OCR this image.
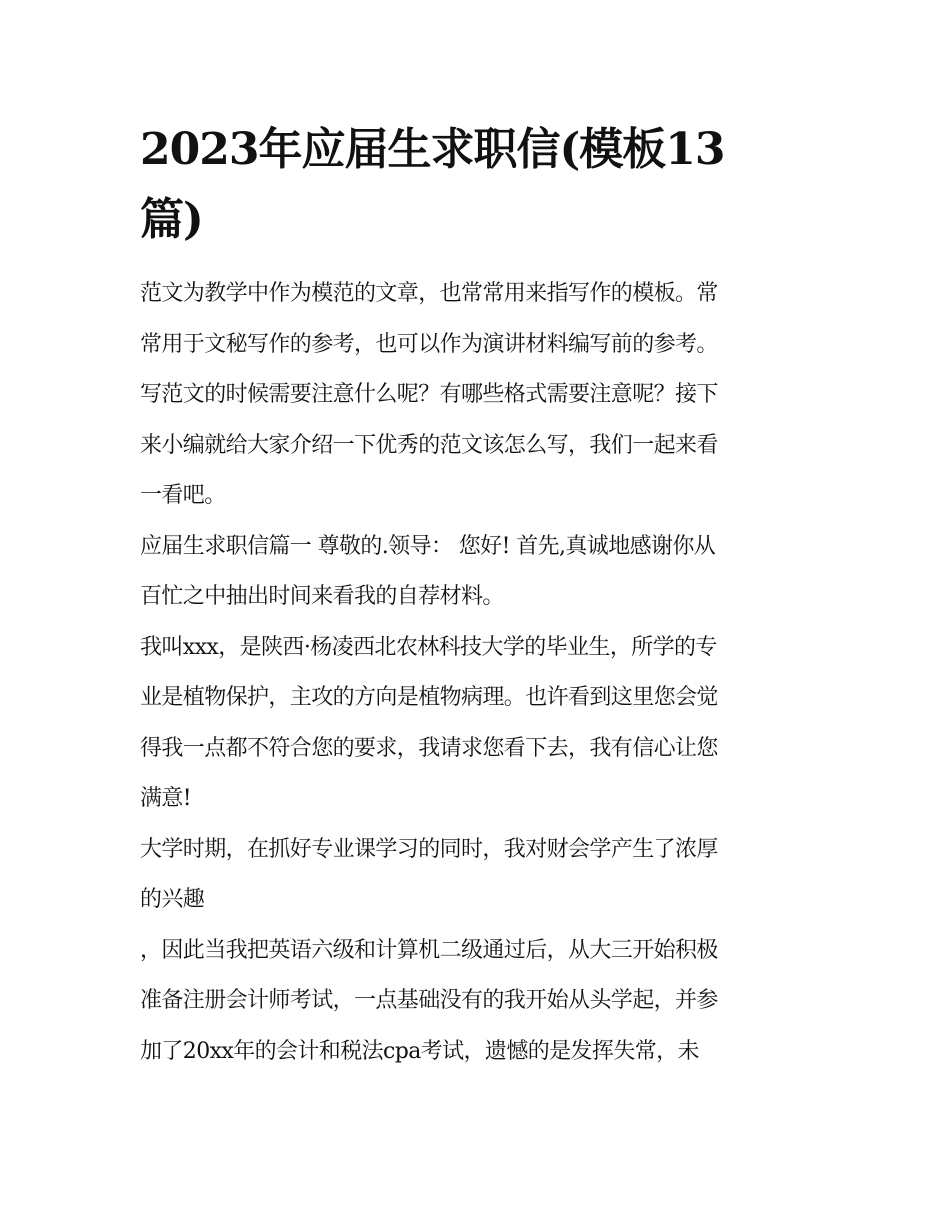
2023年应届生求职信(模板13
篇)

范文为教学中作为模范的文章，也常常用来指写作的模板。常
常用于文秘写作的参考，也可以作为演讲材料编写前的参考。
写范文的时候需要注意什么呢？有哪些格式需要注意呢？接下
来小编就给大家介绍一下优秀的范文该怎么写，我们一起来看
一看吧。

应届生求职信篇一 尊敬的.领导： 您好! 首先,真诚地感谢你从
百忙之中抽出时间来看我的自荐材料。

我叫xxx，是陕西·杨凌西北农林科技大学的毕业生，所学的专
业是植物保护，主攻的方向是植物病理。也许看到这里您会觉
得我一点都不符合您的要求，我请求您看下去，我有信心让您
满意!

大学时期，在抓好专业课学习的同时，我对财会学产生了浓厚
的兴趣

，因此当我把英语六级和计算机二级通过后，从大三开始积极
准备注册会计师考试，一点基础没有的我开始从头学起，并参
加了20xx年的会计和税法cpa考试，遗憾的是发挥失常，未
